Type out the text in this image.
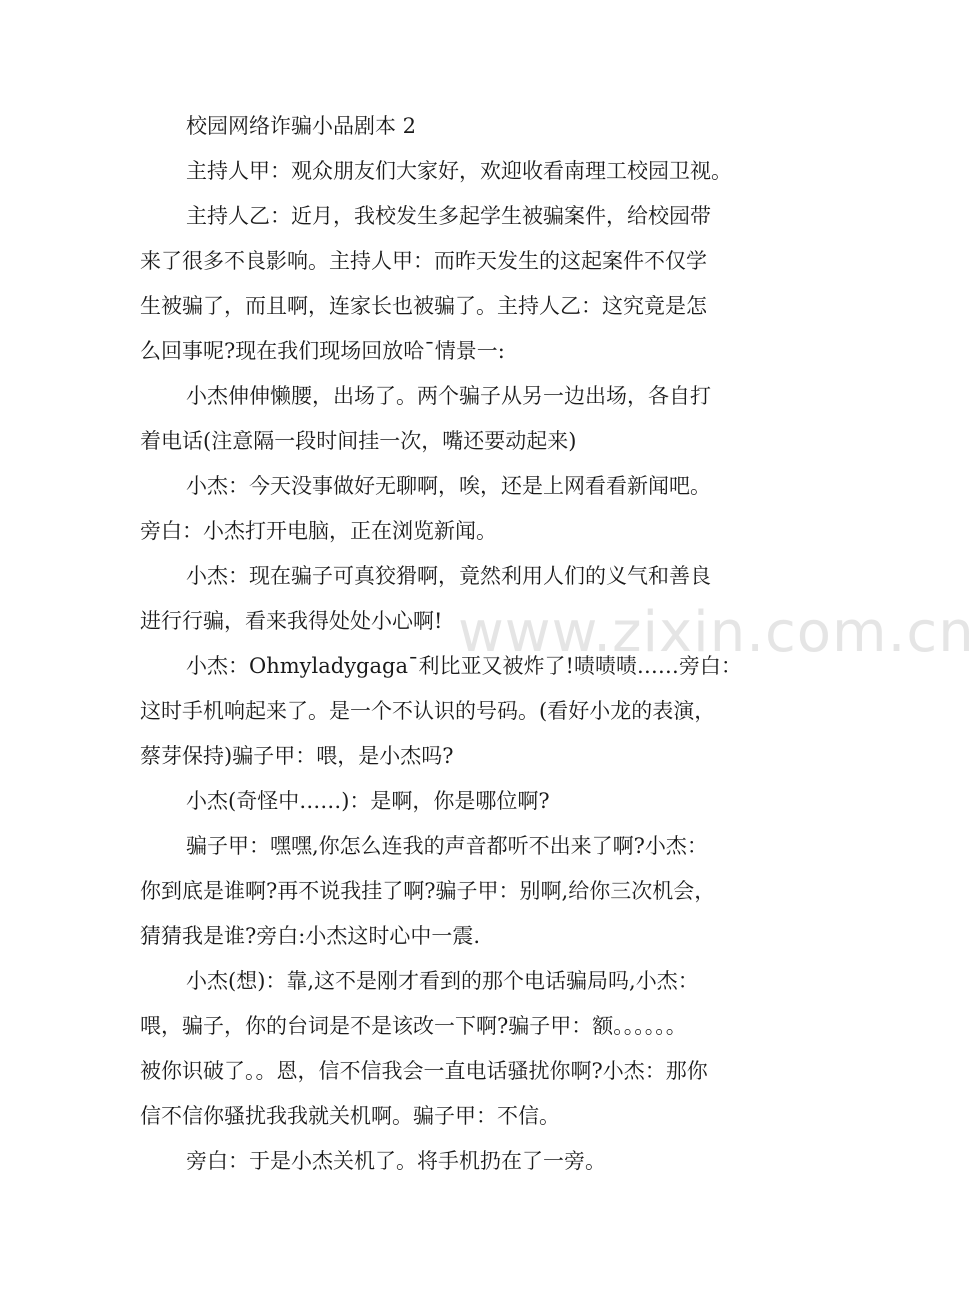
校园网络诈骗小品剧本 2

主持人甲：观众朋友们大家好，欢迎收看南理工校园卫视。

主持人乙：近月，我校发生多起学生被骗案件，给校园带
来了很多不良影响。主持人甲：而昨天发生的这起案件不仅学
生被骗了，而且啊，连家长也被骗了。主持人乙：这究竟是怎
么回事呢?现在我们现场回放哈¯情景一:

小杰伸伸懒腰，出场了。两个骗子从另一边出场，各自打
着电话(注意隔一段时间挂一次，嘴还要动起来)

小杰：今天没事做好无聊啊，唉，还是上网看看新闻吧。
旁白：小杰打开电脑，正在浏览新闻。

小杰：现在骗子可真狡猾啊，竟然利用人们的义气和善良
进行行骗，看来我得处处小心啊!

小杰：Ohmyladygaga¯利比亚又被炸了!啧啧啧……旁白：
这时手机响起来了。是一个不认识的号码。(看好小龙的表演，
蔡芽保持)骗子甲：喂，是小杰吗?

小杰(奇怪中……)：是啊，你是哪位啊?

骗子甲：嘿嘿,你怎么连我的声音都听不出来了啊?小杰：
你到底是谁啊?再不说我挂了啊?骗子甲：别啊,给你三次机会，
猜猜我是谁?旁白:小杰这时心中一震.

小杰(想)：靠,这不是刚才看到的那个电话骗局吗,小杰：
喂，骗子，你的台词是不是该改一下啊?骗子甲：额。。。。。。
被你识破了。。恩，信不信我会一直电话骚扰你啊?小杰：那你
信不信你骚扰我我就关机啊。骗子甲：不信。

旁白：于是小杰关机了。将手机扔在了一旁。

www.zixin.com.cn
